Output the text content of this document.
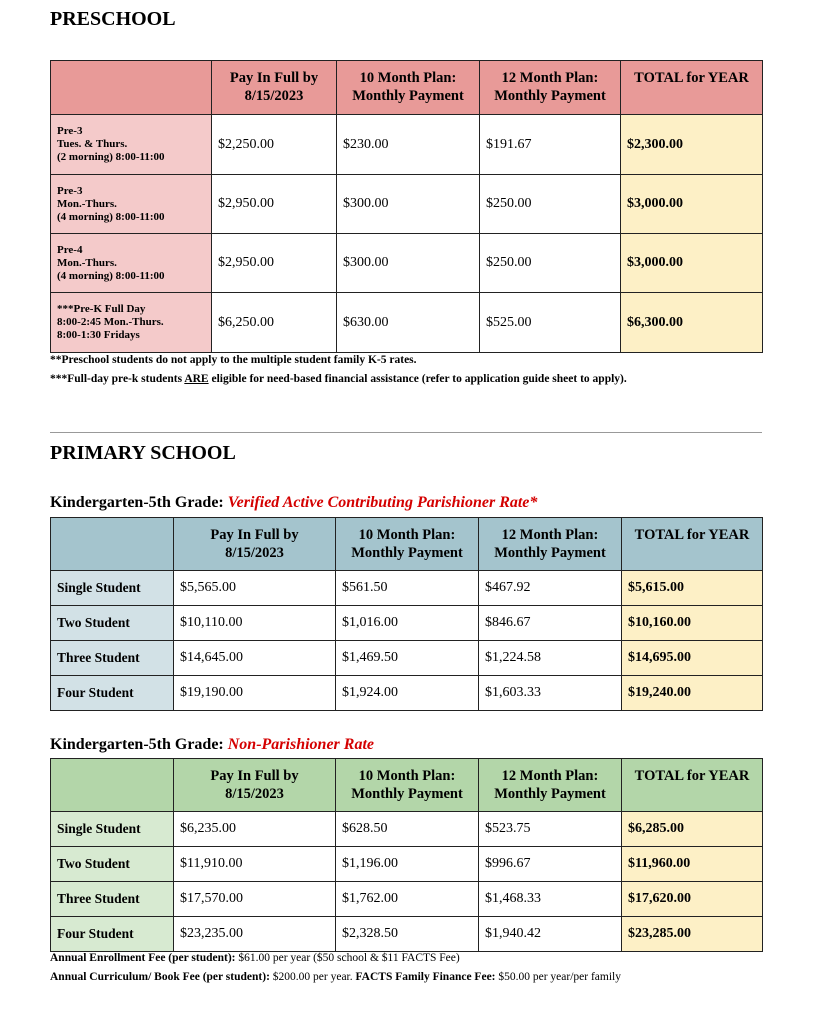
PRESCHOOL
	Pay In Full by 8/15/2023	10 Month Plan: Monthly Payment	12 Month Plan: Monthly Payment	TOTAL for YEAR
Pre-3
Tues. & Thurs.
(2 morning) 8:00-11:00	$2,250.00	$230.00	$191.67	$2,300.00
Pre-3
Mon.-Thurs.
(4 morning) 8:00-11:00	$2,950.00	$300.00	$250.00	$3,000.00
Pre-4
Mon.-Thurs.
(4 morning) 8:00-11:00	$2,950.00	$300.00	$250.00	$3,000.00
***Pre-K Full Day
8:00-2:45 Mon.-Thurs.
8:00-1:30 Fridays	$6,250.00	$630.00	$525.00	$6,300.00
**Preschool students do not apply to the multiple student family K-5 rates.
***Full-day pre-k students ARE eligible for need-based financial assistance (refer to application guide sheet to apply).
PRIMARY SCHOOL
Kindergarten-5th Grade: Verified Active Contributing Parishioner Rate*
	Pay In Full by 8/15/2023	10 Month Plan: Monthly Payment	12 Month Plan: Monthly Payment	TOTAL for YEAR
Single Student	$5,565.00	$561.50	$467.92	$5,615.00
Two Student	$10,110.00	$1,016.00	$846.67	$10,160.00
Three Student	$14,645.00	$1,469.50	$1,224.58	$14,695.00
Four Student	$19,190.00	$1,924.00	$1,603.33	$19,240.00
Kindergarten-5th Grade: Non-Parishioner Rate
	Pay In Full by 8/15/2023	10 Month Plan: Monthly Payment	12 Month Plan: Monthly Payment	TOTAL for YEAR
Single Student	$6,235.00	$628.50	$523.75	$6,285.00
Two Student	$11,910.00	$1,196.00	$996.67	$11,960.00
Three Student	$17,570.00	$1,762.00	$1,468.33	$17,620.00
Four Student	$23,235.00	$2,328.50	$1,940.42	$23,285.00
Annual Enrollment Fee (per student): $61.00 per year ($50 school & $11 FACTS Fee)
Annual Curriculum/ Book Fee (per student): $200.00 per year. FACTS Family Finance Fee: $50.00 per year/per family
